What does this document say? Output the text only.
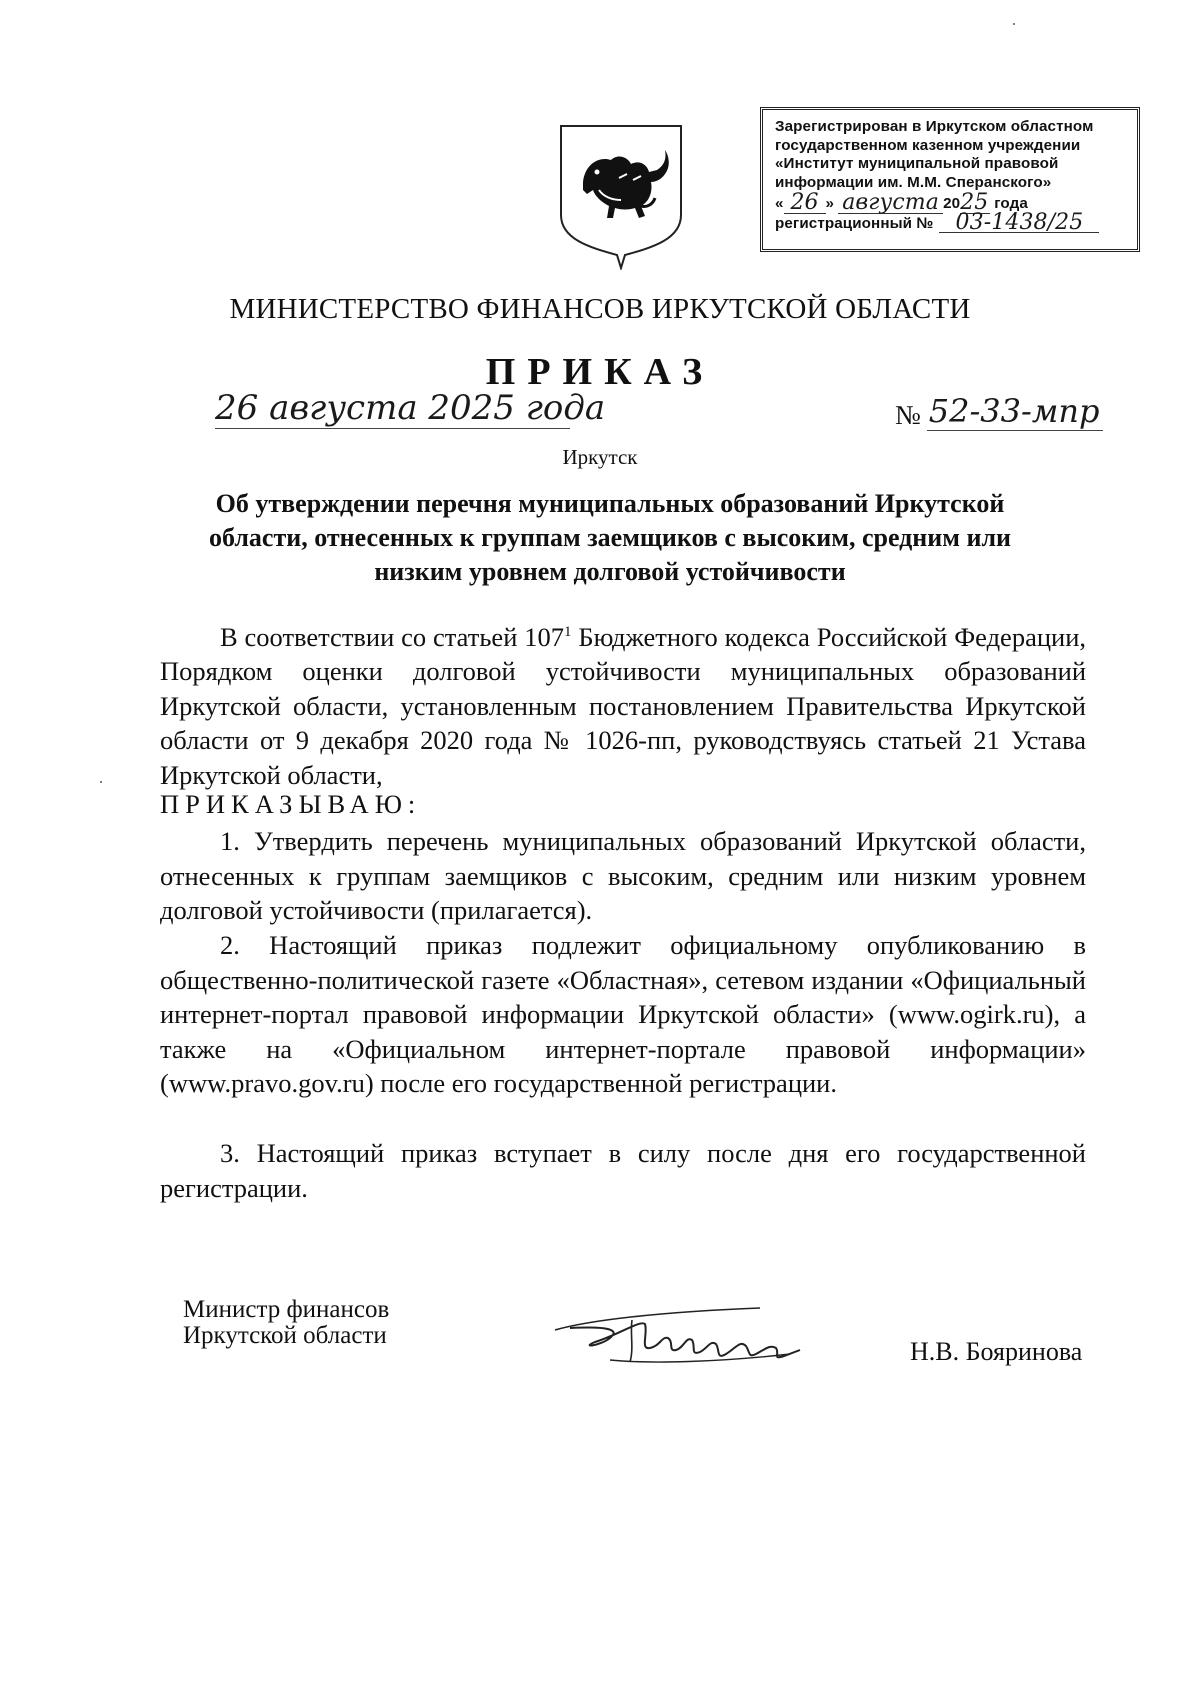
Зарегистрирован в Иркутском областном
государственном казенном учреждении
«Институт муниципальной правовой
информации им. М.М. Сперанского»
« 26 » августа 20 25 года
регистрационный №	03-1438/25
МИНИСТЕРСТВО ФИНАНСОВ ИРКУТСКОЙ ОБЛАСТИ
ПРИКАЗ
26 августа 2025 года	№ 52-33-мпр
Иркутск
Об утверждении перечня муниципальных образований Иркутской области, отнесенных к группам заемщиков с высоким, средним или низким уровнем долговой устойчивости
В соответствии со статьей $107^1$ Бюджетного кодекса Российской Федерации, Порядком оценки долговой устойчивости муниципальных образований Иркутской области, установленным постановлением Правительства Иркутской области от 9 декабря 2020 года № 1026-пп, руководствуясь статьей 21 Устава Иркутской области,
ПРИКАЗЫВАЮ:
1. Утвердить перечень муниципальных образований Иркутской области, отнесенных к группам заемщиков с высоким, средним или низким уровнем долговой устойчивости (прилагается).
2. Настоящий приказ подлежит официальному опубликованию в общественно-политической газете «Областная», сетевом издании «Официальный интернет-портал правовой информации Иркутской области» (www.ogirk.ru), а также на «Официальном интернет-портале правовой информации» (www.pravo.gov.ru) после его государственной регистрации.
3. Настоящий приказ вступает в силу после дня его государственной регистрации.
Министр финансов
Иркутской области
Н.В. Бояринова
